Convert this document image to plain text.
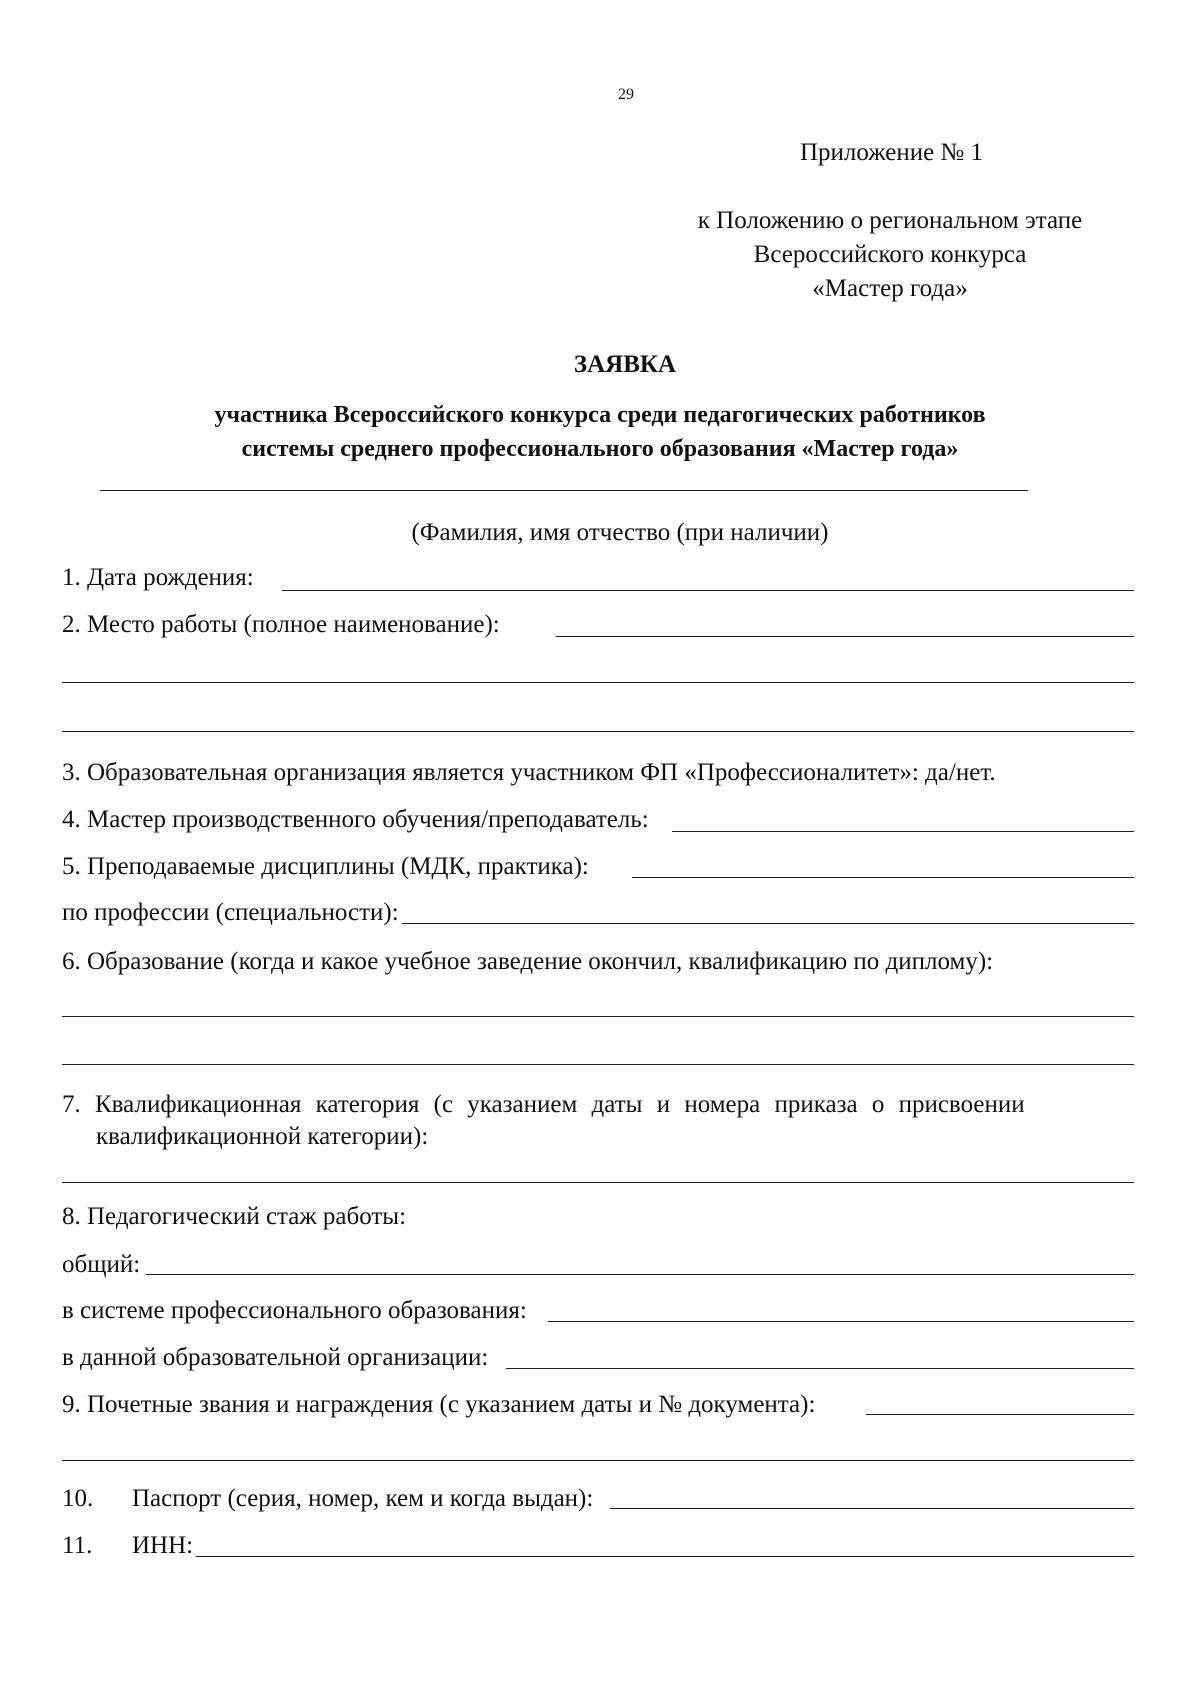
29
Приложение № 1
к Положению о региональном этапе
Всероссийского конкурса
«Мастер года»
ЗАЯВКА
участника Всероссийского конкурса среди педагогических работников
системы среднего профессионального образования «Мастер года»
(Фамилия, имя отчество (при наличии)
1. Дата рождения:
2. Место работы (полное наименование):
3. Образовательная организация является участником ФП «Профессионалитет»: да/нет.
4. Мастер производственного обучения/преподаватель:
5. Преподаваемые дисциплины (МДК, практика):
по профессии (специальности):
6. Образование (когда и какое учебное заведение окончил, квалификацию по диплому):
7. Квалификационная категория (с указанием даты и номера приказа о присвоении
квалификационной категории):
8. Педагогический стаж работы:
общий:
в системе профессионального образования:
в данной образовательной организации:
9. Почетные звания и награждения (с указанием даты и № документа):
10. Паспорт (серия, номер, кем и когда выдан):
11. ИНН:
